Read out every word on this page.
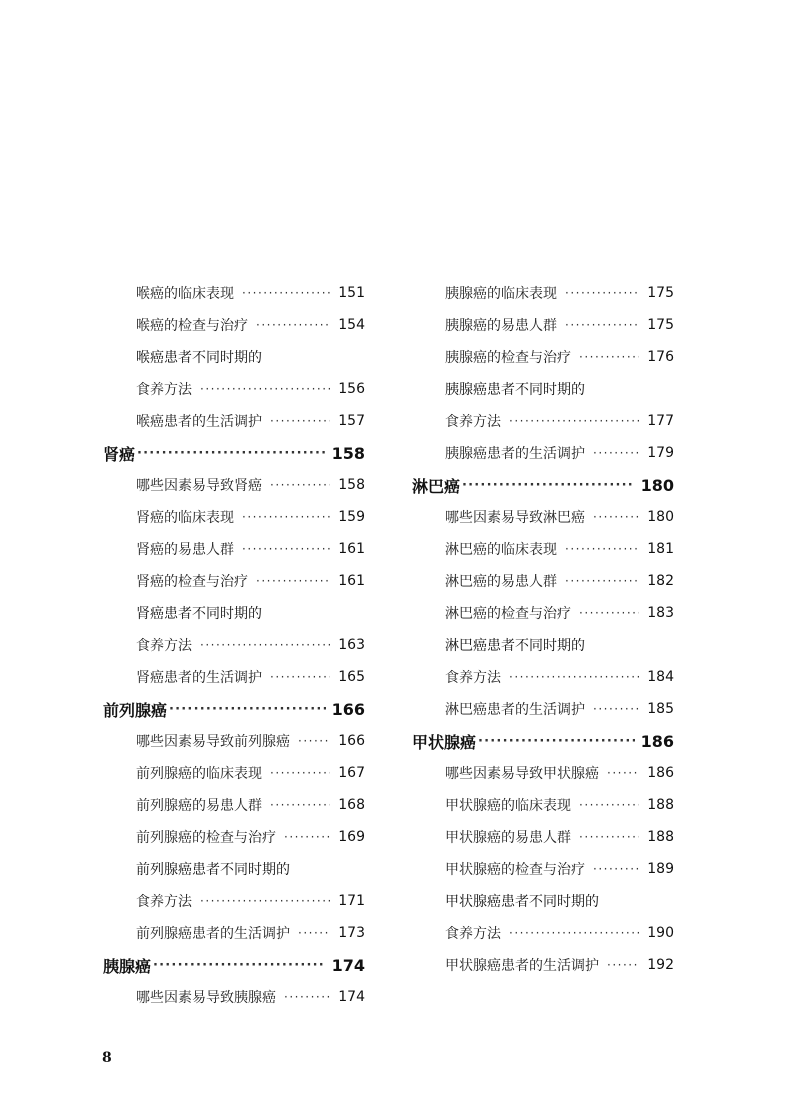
喉癌的临床表现 ·····	151
喉癌的检查与治疗 ·····	154
喉癌患者不同时期的
食养方法 ·····	156
喉癌患者的生活调护 ·····	157
肾癌 ·····	158
哪些因素易导致肾癌 ·····	158
肾癌的临床表现 ·····	159
肾癌的易患人群 ·····	161
肾癌的检查与治疗 ·····	161
肾癌患者不同时期的
食养方法 ·····	163
肾癌患者的生活调护 ·····	165
前列腺癌 ·····	166
哪些因素易导致前列腺癌 ·····	166
前列腺癌的临床表现 ·····	167
前列腺癌的易患人群 ·····	168
前列腺癌的检查与治疗 ·····	169
前列腺癌患者不同时期的
食养方法 ·····	171
前列腺癌患者的生活调护 ·····	173
胰腺癌 ·····	174
哪些因素易导致胰腺癌 ·····	174
胰腺癌的临床表现 ·····	175
胰腺癌的易患人群 ·····	175
胰腺癌的检查与治疗 ·····	176
胰腺癌患者不同时期的
食养方法 ·····	177
胰腺癌患者的生活调护 ·····	179
淋巴癌 ·····	180
哪些因素易导致淋巴癌 ·····	180
淋巴癌的临床表现 ·····	181
淋巴癌的易患人群 ·····	182
淋巴癌的检查与治疗 ·····	183
淋巴癌患者不同时期的
食养方法 ·····	184
淋巴癌患者的生活调护 ·····	185
甲状腺癌 ·····	186
哪些因素易导致甲状腺癌 ·····	186
甲状腺癌的临床表现 ·····	188
甲状腺癌的易患人群 ·····	188
甲状腺癌的检查与治疗 ·····	189
甲状腺癌患者不同时期的
食养方法 ·····	190
甲状腺癌患者的生活调护 ·····	192
8
